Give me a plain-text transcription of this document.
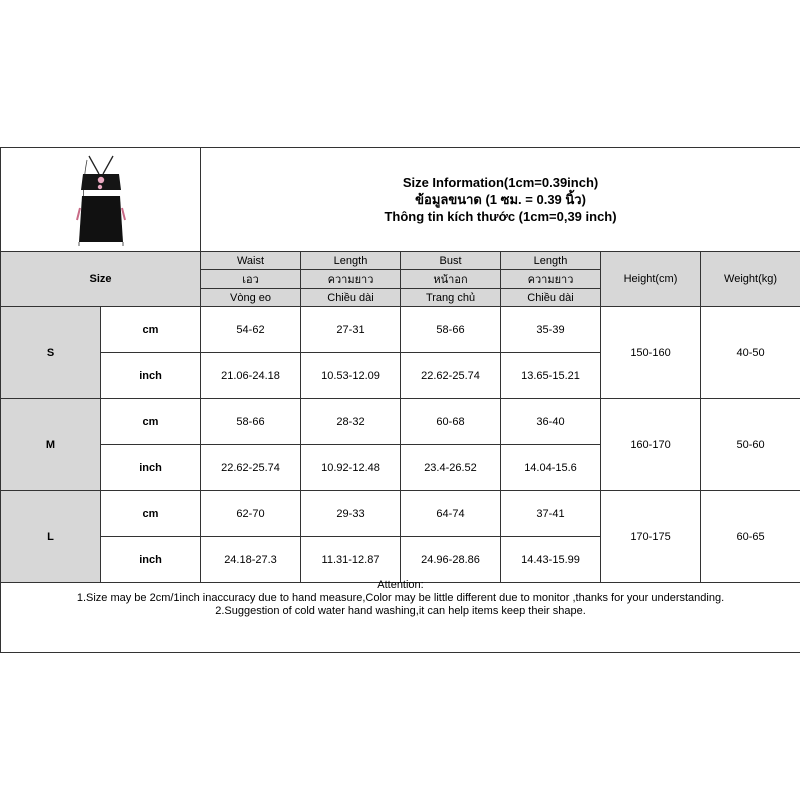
Size Information(1cm=0.39inch)
ข้อมูลขนาด (1 ซม. = 0.39 นิ้ว)
Thông tin kích thước (1cm=0,39 inch)					

Size		Waist	Length	Bust	Length	Height(cm)	Weight(kg)
		เอว	ความยาว	หน้าอก	ความยาว		
		Vòng eo	Chiều dài	Trang chủ	Chiều dài		
S	cm	54-62	27-31	58-66	35-39	150-160	40-50
	inch	21.06-24.18	10.53-12.09	22.62-25.74	13.65-15.21		
M	cm	58-66	28-32	60-68	36-40	160-170	50-60
	inch	22.62-25.74	10.92-12.48	23.4-26.52	14.04-15.6		
L	cm	62-70	29-33	64-74	37-41	170-175	60-65
	inch	24.18-27.3	11.31-12.87	24.96-28.86	14.43-15.99		
Attention:
1.Size may be 2cm/1inch inaccuracy due to hand measure,Color may be little different due to monitor ,thanks for your understanding.
2.Suggestion of cold water hand washing,it can help items keep their shape.
